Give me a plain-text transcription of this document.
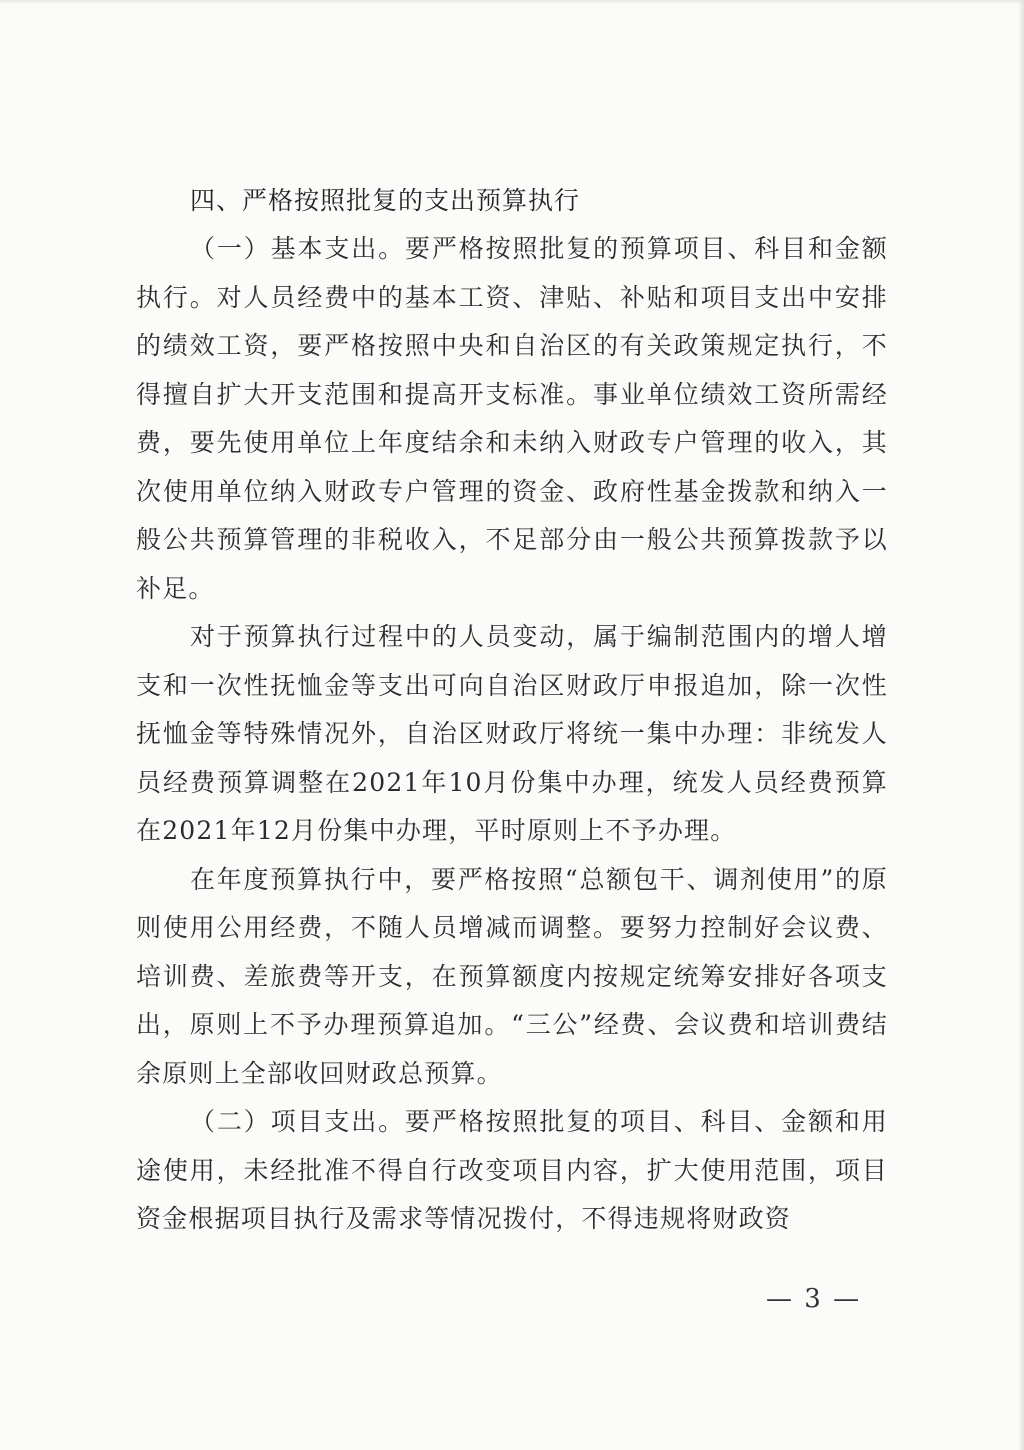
四、严格按照批复的支出预算执行

（一）基本支出。要严格按照批复的预算项目、科目和金额执行。对人员经费中的基本工资、津贴、补贴和项目支出中安排的绩效工资，要严格按照中央和自治区的有关政策规定执行，不得擅自扩大开支范围和提高开支标准。事业单位绩效工资所需经费，要先使用单位上年度结余和未纳入财政专户管理的收入，其次使用单位纳入财政专户管理的资金、政府性基金拨款和纳入一般公共预算管理的非税收入，不足部分由一般公共预算拨款予以补足。

对于预算执行过程中的人员变动，属于编制范围内的增人增支和一次性抚恤金等支出可向自治区财政厅申报追加，除一次性抚恤金等特殊情况外，自治区财政厅将统一集中办理：非统发人员经费预算调整在2021年10月份集中办理，统发人员经费预算在2021年12月份集中办理，平时原则上不予办理。

在年度预算执行中，要严格按照“总额包干、调剂使用”的原则使用公用经费，不随人员增减而调整。要努力控制好会议费、培训费、差旅费等开支，在预算额度内按规定统筹安排好各项支出，原则上不予办理预算追加。“三公”经费、会议费和培训费结余原则上全部收回财政总预算。

（二）项目支出。要严格按照批复的项目、科目、金额和用途使用，未经批准不得自行改变项目内容，扩大使用范围，项目资金根据项目执行及需求等情况拨付，不得违规将财政资

— 3 —
